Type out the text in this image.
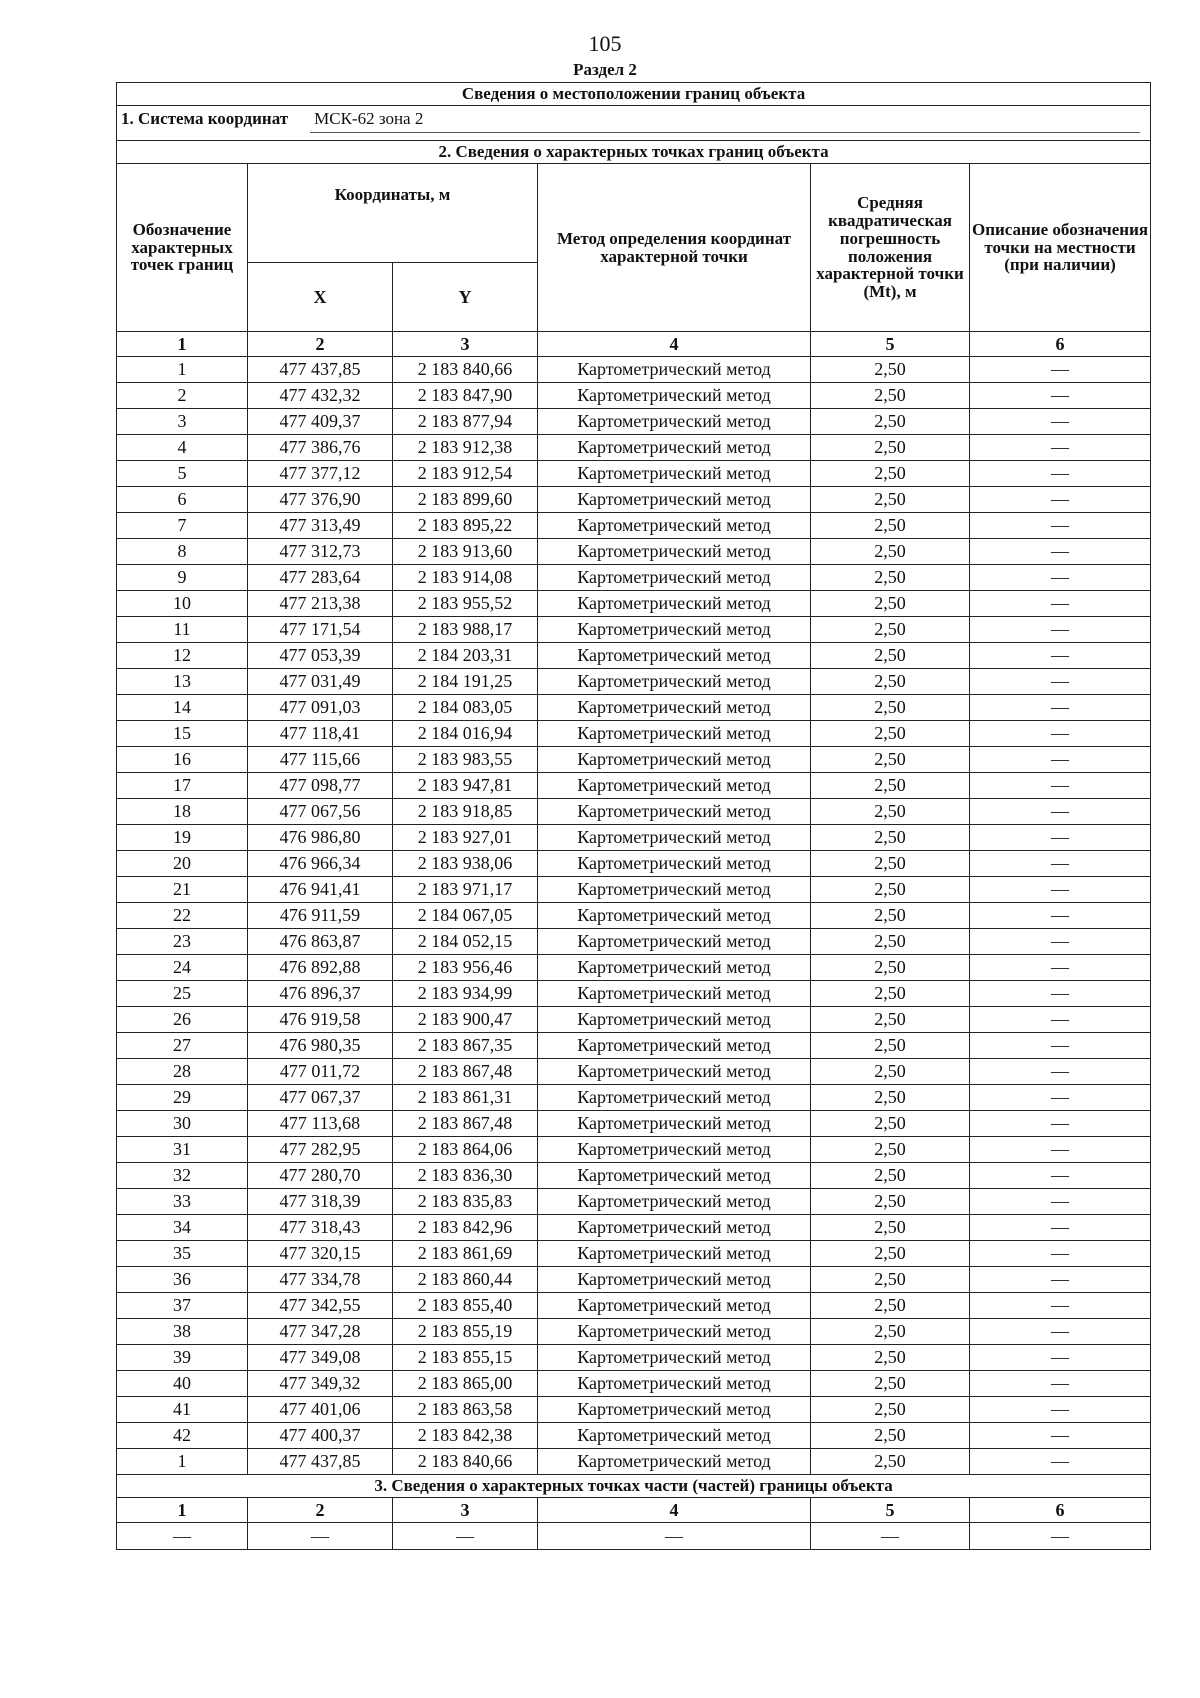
105
Раздел 2
Сведения о местоположении границ объекта					

1. Система координат МСК-62 зона 2					

2. Сведения о характерных точках границ объекта					
Обозначение характерных точек границ	Координаты, м		Метод определения координат характерной точки	Средняя квадратическая погрешность положения характерной точки (Mt), м	Описание обозначения точки на местности (при наличии)
	X	Y			
1	2	3	4	5	6
1	477 437,85	2 183 840,66	Картометрический метод	2,50	—
2	477 432,32	2 183 847,90	Картометрический метод	2,50	—
3	477 409,37	2 183 877,94	Картометрический метод	2,50	—
4	477 386,76	2 183 912,38	Картометрический метод	2,50	—
5	477 377,12	2 183 912,54	Картометрический метод	2,50	—
6	477 376,90	2 183 899,60	Картометрический метод	2,50	—
7	477 313,49	2 183 895,22	Картометрический метод	2,50	—
8	477 312,73	2 183 913,60	Картометрический метод	2,50	—
9	477 283,64	2 183 914,08	Картометрический метод	2,50	—
10	477 213,38	2 183 955,52	Картометрический метод	2,50	—
11	477 171,54	2 183 988,17	Картометрический метод	2,50	—
12	477 053,39	2 184 203,31	Картометрический метод	2,50	—
13	477 031,49	2 184 191,25	Картометрический метод	2,50	—
14	477 091,03	2 184 083,05	Картометрический метод	2,50	—
15	477 118,41	2 184 016,94	Картометрический метод	2,50	—
16	477 115,66	2 183 983,55	Картометрический метод	2,50	—
17	477 098,77	2 183 947,81	Картометрический метод	2,50	—
18	477 067,56	2 183 918,85	Картометрический метод	2,50	—
19	476 986,80	2 183 927,01	Картометрический метод	2,50	—
20	476 966,34	2 183 938,06	Картометрический метод	2,50	—
21	476 941,41	2 183 971,17	Картометрический метод	2,50	—
22	476 911,59	2 184 067,05	Картометрический метод	2,50	—
23	476 863,87	2 184 052,15	Картометрический метод	2,50	—
24	476 892,88	2 183 956,46	Картометрический метод	2,50	—
25	476 896,37	2 183 934,99	Картометрический метод	2,50	—
26	476 919,58	2 183 900,47	Картометрический метод	2,50	—
27	476 980,35	2 183 867,35	Картометрический метод	2,50	—
28	477 011,72	2 183 867,48	Картометрический метод	2,50	—
29	477 067,37	2 183 861,31	Картометрический метод	2,50	—
30	477 113,68	2 183 867,48	Картометрический метод	2,50	—
31	477 282,95	2 183 864,06	Картометрический метод	2,50	—
32	477 280,70	2 183 836,30	Картометрический метод	2,50	—
33	477 318,39	2 183 835,83	Картометрический метод	2,50	—
34	477 318,43	2 183 842,96	Картометрический метод	2,50	—
35	477 320,15	2 183 861,69	Картометрический метод	2,50	—
36	477 334,78	2 183 860,44	Картометрический метод	2,50	—
37	477 342,55	2 183 855,40	Картометрический метод	2,50	—
38	477 347,28	2 183 855,19	Картометрический метод	2,50	—
39	477 349,08	2 183 855,15	Картометрический метод	2,50	—
40	477 349,32	2 183 865,00	Картометрический метод	2,50	—
41	477 401,06	2 183 863,58	Картометрический метод	2,50	—
42	477 400,37	2 183 842,38	Картометрический метод	2,50	—
1	477 437,85	2 183 840,66	Картометрический метод	2,50	—
3. Сведения о характерных точках части (частей) границы объекта					
1	2	3	4	5	6
—	—	—	—	—	—
